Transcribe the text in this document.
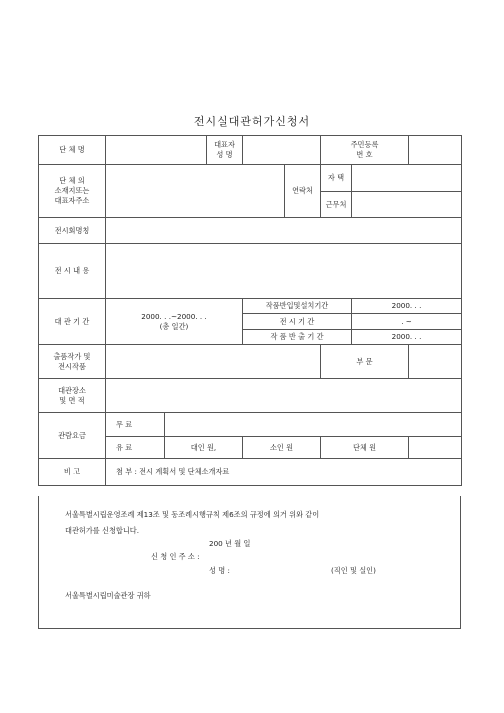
전시실대관허가신청서
단 체 명			대표자
성 명			주민등록
번 호		
단 체 의
소재지또는
대표자주소					연락처	자 택		
						근무처		
전시회명칭								
전 시 내 용								
대 관 기 간	2000. . .~2000. . .
(총 일간)			작품반입및설치기간			2000. . .	
				전 시 기 간			. ~	
				작 품 반 출 기 간			2000. . .	
출품작가 및
전시작품						부 문		
대관장소
및 면 적								
관람요금	무 료							
	유 료	대인 원,		소인 원		단체 원		
비 고	첨 부 : 전시 계획서 및 단체소개자료							
서울특별시립운영조례 제13조 및 동조례시행규칙 제6조의 규정에 의거 위와 같이
대관허가를 신청합니다.
200 년 월 일
신 청 인 주 소 :
성 명 :	(직인 및 실인)
서울특별시립미술관장 귀하
